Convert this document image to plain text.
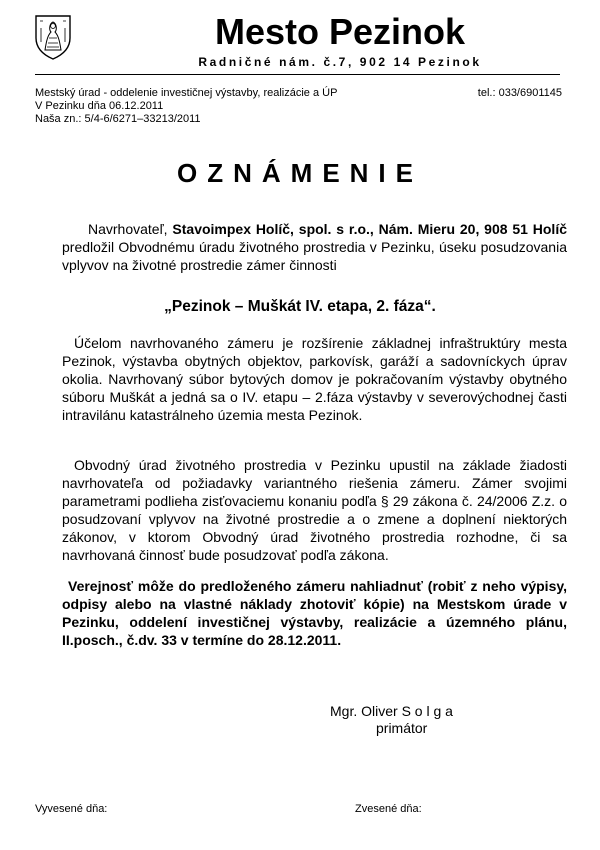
Mesto Pezinok
Radničné nám. č.7, 902 14 Pezinok
Mestský úrad - oddelenie investičnej výstavby, realizácie a ÚP	tel.: 033/6901145
V Pezinku dňa 06.12.2011
Naša zn.: 5/4-6/6271–33213/2011
OZNÁMENIE

Navrhovateľ, Stavoimpex Holíč, spol. s r.o., Nám. Mieru 20, 908 51 Holíč predložil Obvodnému úradu životného prostredia v Pezinku, úseku posudzovania vplyvov na životné prostredie zámer činnosti

„Pezinok – Muškát IV. etapa, 2. fáza“.

Účelom navrhovaného zámeru je rozšírenie základnej infraštruktúry mesta Pezinok, výstavba obytných objektov, parkovísk, garáží a sadovníckych úprav okolia. Navrhovaný súbor bytových domov je pokračovaním výstavby obytného súboru Muškát a jedná sa o IV. etapu – 2.fáza výstavby v severovýchodnej časti intravilánu katastrálneho územia mesta Pezinok.

Obvodný úrad životného prostredia v Pezinku upustil na základe žiadosti navrhovateľa od požiadavky variantného riešenia zámeru. Zámer svojimi parametrami podlieha zisťovaciemu konaniu podľa § 29 zákona č. 24/2006 Z.z. o posudzovaní vplyvov na životné prostredie a o zmene a doplnení niektorých zákonov, v ktorom Obvodný úrad životného prostredia rozhodne, či sa navrhovaná činnosť bude posudzovať podľa zákona.

Verejnosť môže do predloženého zámeru nahliadnuť (robiť z neho výpisy, odpisy alebo na vlastné náklady zhotoviť kópie) na Mestskom úrade v Pezinku, oddelení investičnej výstavby, realizácie a územného plánu, II.posch., č.dv. 33 v termíne do 28.12.2011.

Mgr. Oliver S o l g a
primátor
Vyvesené dňa:	Zvesené dňa:
